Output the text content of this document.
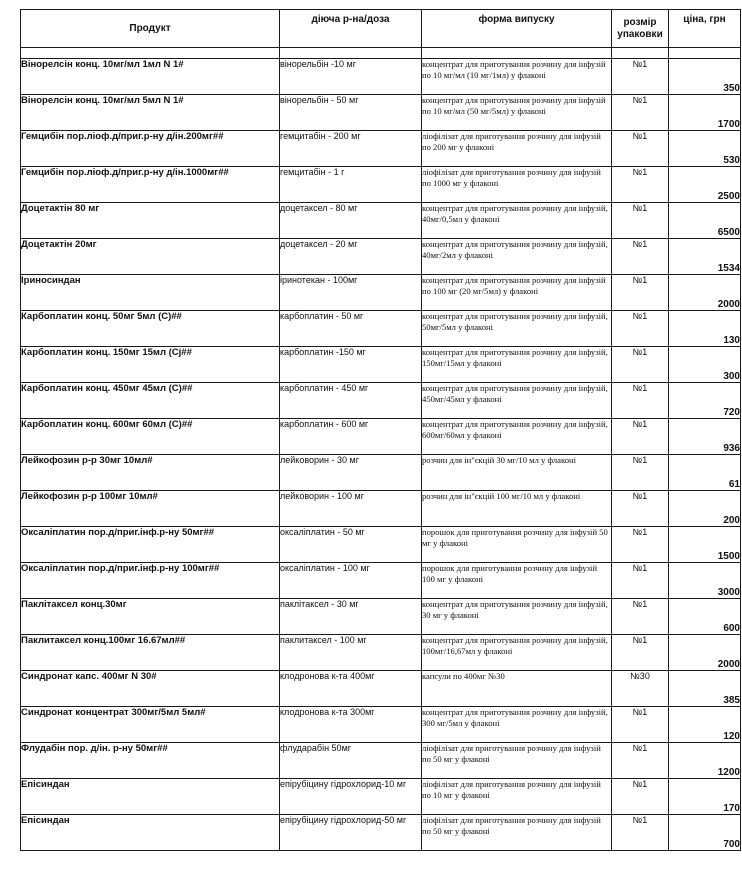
Продукт	діюча р-на/доза	форма випуску	розмір упаковки	ціна, грн

Вінорелсін конц. 10мг/мл 1мл N 1#	вінорельбін -10 мг	концентрат для приготування розчину для інфузій по 10 мг/мл (10 мг/1мл) у флаконі	№1	350
Вінорелсін конц. 10мг/мл 5мл N 1#	вінорельбін - 50 мг	концентрат для приготування розчину для інфузій по 10 мг/мл (50 мг/5мл) у флаконі	№1	1700
Гемцибін пор.ліоф.д/приг.р-ну д/ін.200мг##	гемцитабін - 200 мг	ліофілізат для приготування розчину для інфузій по 200 мг у флаконі	№1	530
Гемцибін пор.ліоф.д/приг.р-ну д/ін.1000мг##	гемцитабін - 1 г	ліофілізат для приготування розчину для інфузій по 1000 мг у флаконі	№1	2500
Доцетактін 80 мг	доцетаксел - 80 мг	концентрат для приготування розчину для інфузій, 40мг/0,5мл у флаконі	№1	6500
Доцетактін 20мг	доцетаксел - 20 мг	концентрат для приготування розчину для інфузій, 40мг/2мл у флаконі	№1	1534
Іриносиндан	іринотекан - 100мг	концентрат для приготування розчину для інфузій по 100 мг (20 мг/5мл) у флаконі	№1	2000
Карбоплатин конц. 50мг 5мл (С)##	карбоплатин - 50 мг	концентрат для приготування розчину для інфузій, 50мг/5мл у флаконі	№1	130
Карбоплатин конц. 150мг 15мл (Cj##	карбоплатин -150 мг	концентрат для приготування розчину для інфузій, 150мг/15мл у флаконі	№1	300
Карбоплатин конц. 450мг 45мл (С)##	карбоплатин - 450 мг	концентрат для приготування розчину для інфузій, 450мг/45мл у флаконі	№1	720
Карбоплатин конц. 600мг 60мл (С)##	карбоплатин - 600 мг	концентрат для приготування розчину для інфузій, 600мг/60мл у флаконі	№1	936
Лейкофозин р-р 30мг 10мл#	лейковорин - 30 мг	розчин для ін"єкцій 30 мг/10 мл у флаконі	№1	61
Лейкофозин р-р 100мг 10мл#	лейковорин - 100 мг	розчин для ін"єкцій 100 мг/10 мл у флаконі	№1	200
Оксаліплатин пор.д/приг.інф.р-ну 50мг##	оксаліплатин - 50 мг	порошок для приготування розчину для інфузій 50 мг у флаконі	№1	1500
Оксаліплатин пор.д/приг.інф.р-ну 100мг##	оксаліплатин - 100 мг	порошок для приготування розчину для інфузій 100 мг у флаконі	№1	3000
Паклітаксел конц.30мг	паклітаксел - 30 мг	концентрат для приготування розчину для інфузій, 30 мг у флаконі	№1	600
Паклитаксел конц.100мг 16.67мл##	паклитаксел - 100 мг	концентрат для приготування розчину для інфузій, 100мг/16,67мл у флаконі	№1	2000
Синдронат капс. 400мг N 30#	клодронова к-та 400мг	капсули по 400мг №30	№30	385
Синдронат концентрат 300мг/5мл 5мл#	клодронова к-та 300мг	концентрат для приготування розчину для інфузій, 300 мг/5мл у флаконі	№1	120
Флудабін пор. д/ін. р-ну 50мг##	флударабін 50мг	ліофілізат для приготування розчину для інфузій по 50 мг у флаконі	№1	1200
Епісиндан	епірубіцину гідрохлорид-10 мг	ліофілізат для приготування розчину для інфузій по 10 мг у флаконі	№1	170
Епісиндан	епірубіцину гідрохлорид-50 мг	ліофілізат для приготування розчину для інфузій по 50 мг у флаконі	№1	700
